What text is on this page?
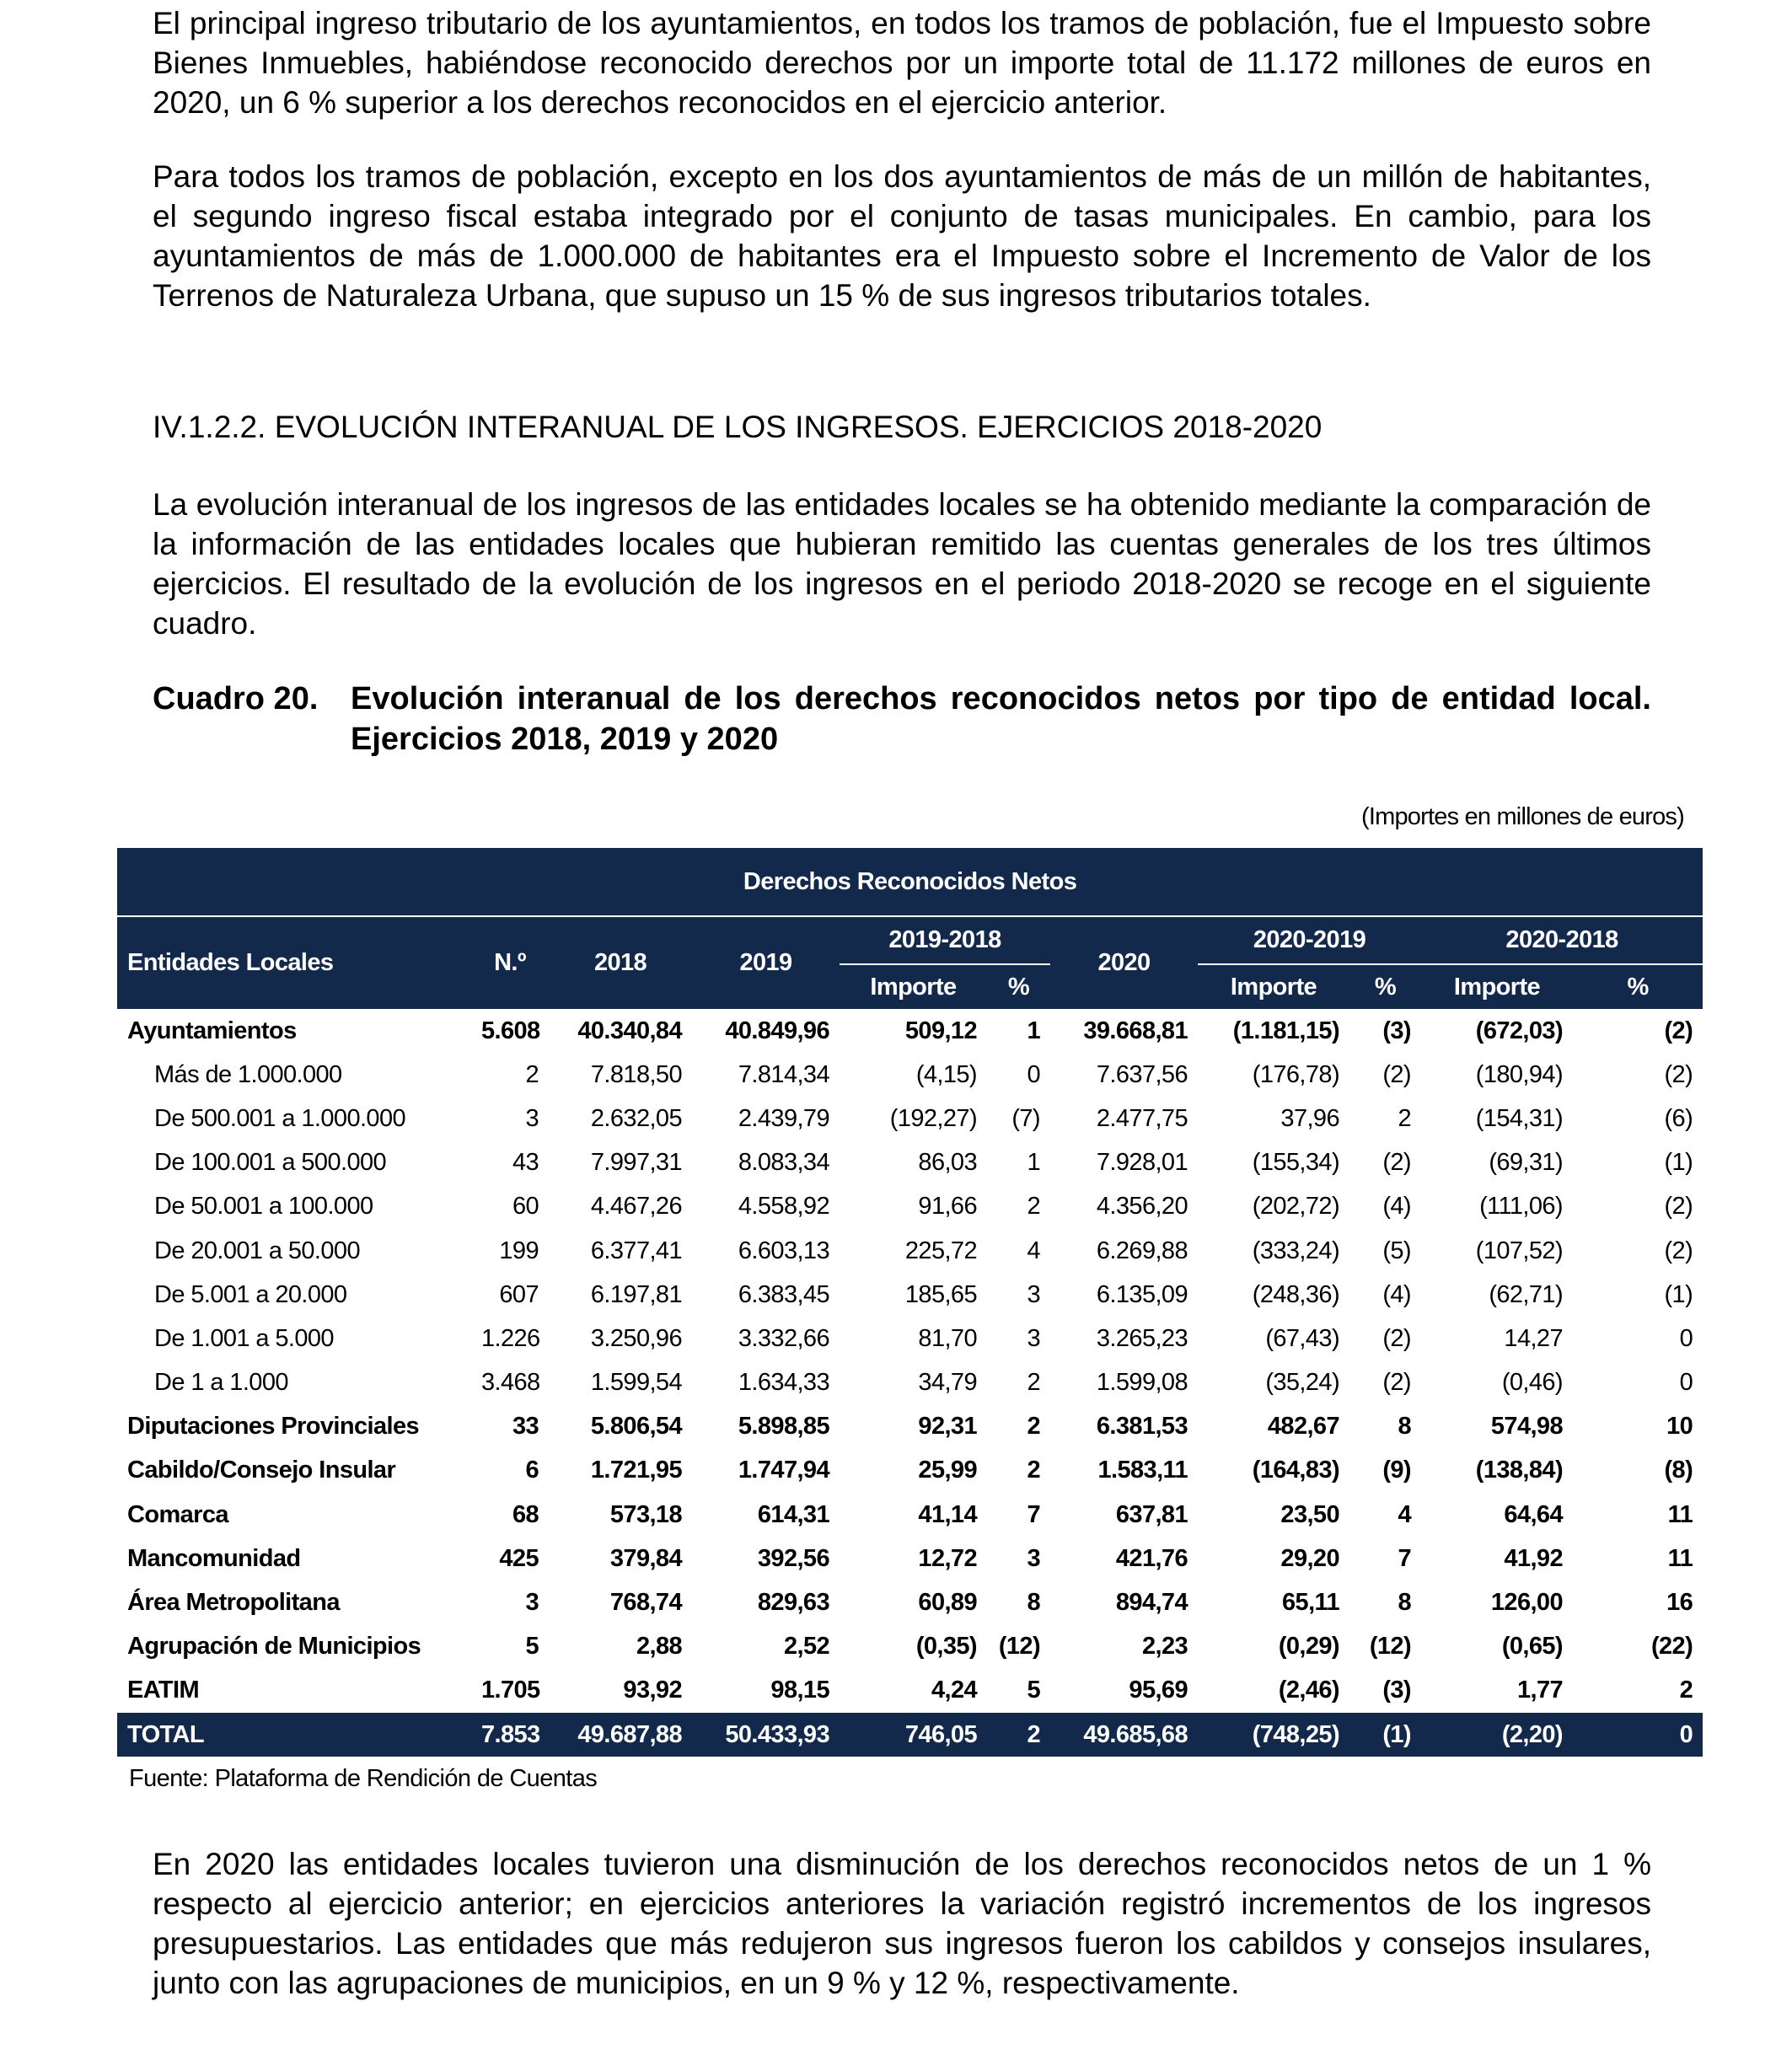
El principal ingreso tributario de los ayuntamientos, en todos los tramos de población, fue el Impuesto sobre Bienes Inmuebles, habiéndose reconocido derechos por un importe total de 11.172 millones de euros en 2020, un 6 % superior a los derechos reconocidos en el ejercicio anterior.

Para todos los tramos de población, excepto en los dos ayuntamientos de más de un millón de habitantes, el segundo ingreso fiscal estaba integrado por el conjunto de tasas municipales. En cambio, para los ayuntamientos de más de 1.000.000 de habitantes era el Impuesto sobre el Incremento de Valor de los Terrenos de Naturaleza Urbana, que supuso un 15 % de sus ingresos tributarios totales.

IV.1.2.2. EVOLUCIÓN INTERANUAL DE LOS INGRESOS. EJERCICIOS 2018-2020

La evolución interanual de los ingresos de las entidades locales se ha obtenido mediante la comparación de la información de las entidades locales que hubieran remitido las cuentas generales de los tres últimos ejercicios. El resultado de la evolución de los ingresos en el periodo 2018-2020 se recoge en el siguiente cuadro.

Cuadro 20.	Evolución interanual de los derechos reconocidos netos por tipo de entidad local. Ejercicios 2018, 2019 y 2020
(Importes en millones de euros)
Derechos Reconocidos Netos										
Entidades Locales	N.º	2018	2019	2019-2018		2020	2020-2019		2020-2018	
				Importe	%		Importe	%	Importe	%
Ayuntamientos	5.608	40.340,84	40.849,96	509,12	1	39.668,81	(1.181,15)	(3)	(672,03)	(2)
Más de 1.000.000	2	7.818,50	7.814,34	(4,15)	0	7.637,56	(176,78)	(2)	(180,94)	(2)
De 500.001 a 1.000.000	3	2.632,05	2.439,79	(192,27)	(7)	2.477,75	37,96	2	(154,31)	(6)
De 100.001 a 500.000	43	7.997,31	8.083,34	86,03	1	7.928,01	(155,34)	(2)	(69,31)	(1)
De 50.001 a 100.000	60	4.467,26	4.558,92	91,66	2	4.356,20	(202,72)	(4)	(111,06)	(2)
De 20.001 a 50.000	199	6.377,41	6.603,13	225,72	4	6.269,88	(333,24)	(5)	(107,52)	(2)
De 5.001 a 20.000	607	6.197,81	6.383,45	185,65	3	6.135,09	(248,36)	(4)	(62,71)	(1)
De 1.001 a 5.000	1.226	3.250,96	3.332,66	81,70	3	3.265,23	(67,43)	(2)	14,27	0
De 1 a 1.000	3.468	1.599,54	1.634,33	34,79	2	1.599,08	(35,24)	(2)	(0,46)	0
Diputaciones Provinciales	33	5.806,54	5.898,85	92,31	2	6.381,53	482,67	8	574,98	10
Cabildo/Consejo Insular	6	1.721,95	1.747,94	25,99	2	1.583,11	(164,83)	(9)	(138,84)	(8)
Comarca	68	573,18	614,31	41,14	7	637,81	23,50	4	64,64	11
Mancomunidad	425	379,84	392,56	12,72	3	421,76	29,20	7	41,92	11
Área Metropolitana	3	768,74	829,63	60,89	8	894,74	65,11	8	126,00	16
Agrupación de Municipios	5	2,88	2,52	(0,35)	(12)	2,23	(0,29)	(12)	(0,65)	(22)
EATIM	1.705	93,92	98,15	4,24	5	95,69	(2,46)	(3)	1,77	2
TOTAL	7.853	49.687,88	50.433,93	746,05	2	49.685,68	(748,25)	(1)	(2,20)	0
Fuente: Plataforma de Rendición de Cuentas

En 2020 las entidades locales tuvieron una disminución de los derechos reconocidos netos de un 1 % respecto al ejercicio anterior; en ejercicios anteriores la variación registró incrementos de los ingresos presupuestarios. Las entidades que más redujeron sus ingresos fueron los cabildos y consejos insulares, junto con las agrupaciones de municipios, en un 9 % y 12 %, respectivamente.
